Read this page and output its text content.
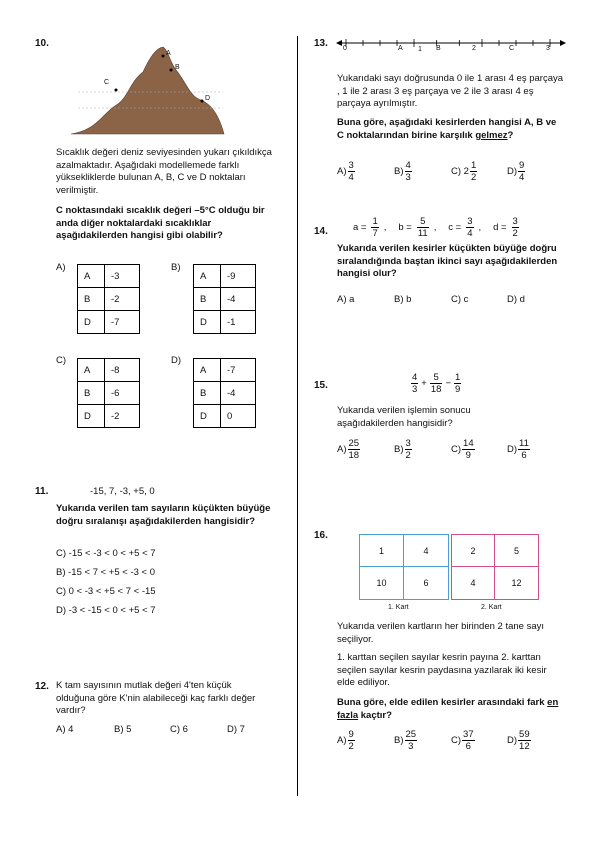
10.
A
B
C
D

Sıcaklık değeri deniz seviyesinden yukarı çıkıldıkça azalmaktadır. Aşağıdaki modellemede farklı yüksekliklerde bulunan A, B, C ve D noktaları verilmiştir.

C noktasındaki sıcaklık değeri –5°C olduğu bir anda diğer noktalardaki sıcaklıklar aşağıdakilerden hangisi gibi olabilir?

A)
A	-3
B	-2
D	-7
B)
A	-9
B	-4
D	-1
C)
A	-8
B	-6
D	-2
D)
A	-7
B	-4
D	0
11.	-15, 7, -3, +5, 0

Yukarıda verilen tam sayıların küçükten büyüğe doğru sıralanışı aşağıdakilerden hangisidir?

C) -15 < -3 < 0 < +5 < 7
B) -15 < 7 < +5 < -3 < 0
C) 0 < -3 < +5 < 7 < -15
D) -3 < -15 < 0 < +5 < 7
12. K tam sayısının mutlak değeri 4'ten küçük olduğuna göre K'nin alabileceği kaç farklı değer vardır?

A) 4	B) 5	C) 6	D) 7
13. 0	A 1 B	2	C	3

Yukarıdaki sayı doğrusunda 0 ile 1 arası 4 eş parçaya , 1 ile 2 arası 3 eş parçaya ve 2 ile 3 arası 4 eş parçaya ayrılmıştır.

Buna göre, aşağıdaki kesirlerden hangisi A, B ve C noktalarından birine karşılık gelmez?

A)
3
4
B)
4
3
C)
2
1
2
D)
9
4
14.	$a = \frac{1}{7}$ , $b = \frac{5}{11}$ , $c = \frac{3}{4}$ , $d = \frac{3}{2}$

Yukarıda verilen kesirler küçükten büyüğe doğru sıralandığında baştan ikinci sayı aşağıdakilerden hangisi olur?

A) a	B) b	C) c	D) d
15.
4
3
+ $\frac{5}{18} - \frac{1}{9}$

Yukarıda verilen işlemin sonucu aşağıdakilerden hangisidir?

A)
25
18
B)
3
2
C)
14
9
D)
11
6
16.
1	4
10	6
1. Kart
2	5
4	12
2. Kart

Yukarıda verilen kartların her birinden 2 tane sayı seçiliyor.

1. karttan seçilen sayılar kesrin payına 2. karttan seçilen sayılar kesrin paydasına yazılarak iki kesir elde ediliyor.

Buna göre, elde edilen kesirler arasındaki fark en fazla kaçtır?

A)
9
2
B)
25
3
C)
37
6
D)
59
12
